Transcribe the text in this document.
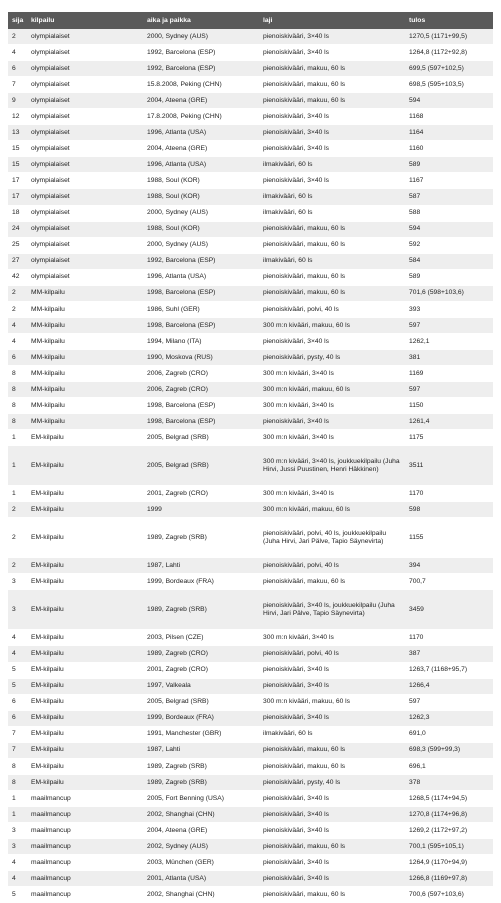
sija	kilpailu	aika ja paikka	laji	tulos
2	olympialaiset	2000, Sydney (AUS)	pienoiskivääri, 3×40 ls	1270,5 (1171+99,5)
4	olympialaiset	1992, Barcelona (ESP)	pienoiskivääri, 3×40 ls	1264,8 (1172+92,8)
6	olympialaiset	1992, Barcelona (ESP)	pienoiskivääri, makuu, 60 ls	699,5 (597+102,5)
7	olympialaiset	15.8.2008, Peking (CHN)	pienoiskivääri, makuu, 60 ls	698,5 (595+103,5)
9	olympialaiset	2004, Ateena (GRE)	pienoiskivääri, makuu, 60 ls	594
12	olympialaiset	17.8.2008, Peking (CHN)	pienoiskivääri, 3×40 ls	1168
13	olympialaiset	1996, Atlanta (USA)	pienoiskivääri, 3×40 ls	1164
15	olympialaiset	2004, Ateena (GRE)	pienoiskivääri, 3×40 ls	1160
15	olympialaiset	1996, Atlanta (USA)	ilmakivääri, 60 ls	589
17	olympialaiset	1988, Soul (KOR)	pienoiskivääri, 3×40 ls	1167
17	olympialaiset	1988, Soul (KOR)	ilmakivääri, 60 ls	587
18	olympialaiset	2000, Sydney (AUS)	ilmakivääri, 60 ls	588
24	olympialaiset	1988, Soul (KOR)	pienoiskivääri, makuu, 60 ls	594
25	olympialaiset	2000, Sydney (AUS)	pienoiskivääri, makuu, 60 ls	592
27	olympialaiset	1992, Barcelona (ESP)	ilmakivääri, 60 ls	584
42	olympialaiset	1996, Atlanta (USA)	pienoiskivääri, makuu, 60 ls	589
2	MM-kilpailu	1998, Barcelona (ESP)	pienoiskivääri, makuu, 60 ls	701,6 (598+103,6)
2	MM-kilpailu	1986, Suhl (GER)	pienoiskivääri, polvi, 40 ls	393
4	MM-kilpailu	1998, Barcelona (ESP)	300 m:n kivääri, makuu, 60 ls	597
4	MM-kilpailu	1994, Milano (ITA)	pienoiskivääri, 3×40 ls	1262,1
6	MM-kilpailu	1990, Moskova (RUS)	pienoiskivääri, pysty, 40 ls	381
8	MM-kilpailu	2006, Zagreb (CRO)	300 m:n kivääri, 3×40 ls	1169
8	MM-kilpailu	2006, Zagreb (CRO)	300 m:n kivääri, makuu, 60 ls	597
8	MM-kilpailu	1998, Barcelona (ESP)	300 m:n kivääri, 3×40 ls	1150
8	MM-kilpailu	1998, Barcelona (ESP)	pienoiskivääri, 3×40 ls	1261,4
1	EM-kilpailu	2005, Belgrad (SRB)	300 m:n kivääri, 3×40 ls	1175
1	EM-kilpailu	2005, Belgrad (SRB)	300 m:n kivääri, 3×40 ls, joukkuekilpailu (Juha Hirvi, Jussi Puustinen, Henri Häkkinen)	3511
1	EM-kilpailu	2001, Zagreb (CRO)	300 m:n kivääri, 3×40 ls	1170
2	EM-kilpailu	1999	300 m:n kivääri, makuu, 60 ls	598
2	EM-kilpailu	1989, Zagreb (SRB)	pienoiskivääri, polvi, 40 ls, joukkuekilpailu (Juha Hirvi, Jari Pälve, Tapio Säynevirta)	1155
2	EM-kilpailu	1987, Lahti	pienoiskivääri, polvi, 40 ls	394
3	EM-kilpailu	1999, Bordeaux (FRA)	pienoiskivääri, makuu, 60 ls	700,7
3	EM-kilpailu	1989, Zagreb (SRB)	pienoiskivääri, 3×40 ls, joukkuekilpailu (Juha Hirvi, Jari Pälve, Tapio Säynevirta)	3459
4	EM-kilpailu	2003, Pilsen (CZE)	300 m:n kivääri, 3×40 ls	1170
4	EM-kilpailu	1989, Zagreb (CRO)	pienoiskivääri, polvi, 40 ls	387
5	EM-kilpailu	2001, Zagreb (CRO)	pienoiskivääri, 3×40 ls	1263,7 (1168+95,7)
5	EM-kilpailu	1997, Valkeala	pienoiskivääri, 3×40 ls	1266,4
6	EM-kilpailu	2005, Belgrad (SRB)	300 m:n kivääri, makuu, 60 ls	597
6	EM-kilpailu	1999, Bordeaux (FRA)	pienoiskivääri, 3×40 ls	1262,3
7	EM-kilpailu	1991, Manchester (GBR)	ilmakivääri, 60 ls	691,0
7	EM-kilpailu	1987, Lahti	pienoiskivääri, makuu, 60 ls	698,3 (599+99,3)
8	EM-kilpailu	1989, Zagreb (SRB)	pienoiskivääri, makuu, 60 ls	696,1
8	EM-kilpailu	1989, Zagreb (SRB)	pienoiskivääri, pysty, 40 ls	378
1	maailmancup	2005, Fort Benning (USA)	pienoiskivääri, 3×40 ls	1268,5 (1174+94,5)
1	maailmancup	2002, Shanghai (CHN)	pienoiskivääri, 3×40 ls	1270,8 (1174+96,8)
3	maailmancup	2004, Ateena (GRE)	pienoiskivääri, 3×40 ls	1269,2 (1172+97,2)
3	maailmancup	2002, Sydney (AUS)	pienoiskivääri, makuu, 60 ls	700,1 (595+105,1)
4	maailmancup	2003, München (GER)	pienoiskivääri, 3×40 ls	1264,9 (1170+94,9)
4	maailmancup	2001, Atlanta (USA)	pienoiskivääri, 3×40 ls	1266,8 (1169+97,8)
5	maailmancup	2002, Shanghai (CHN)	pienoiskivääri, makuu, 60 ls	700,6 (597+103,6)
